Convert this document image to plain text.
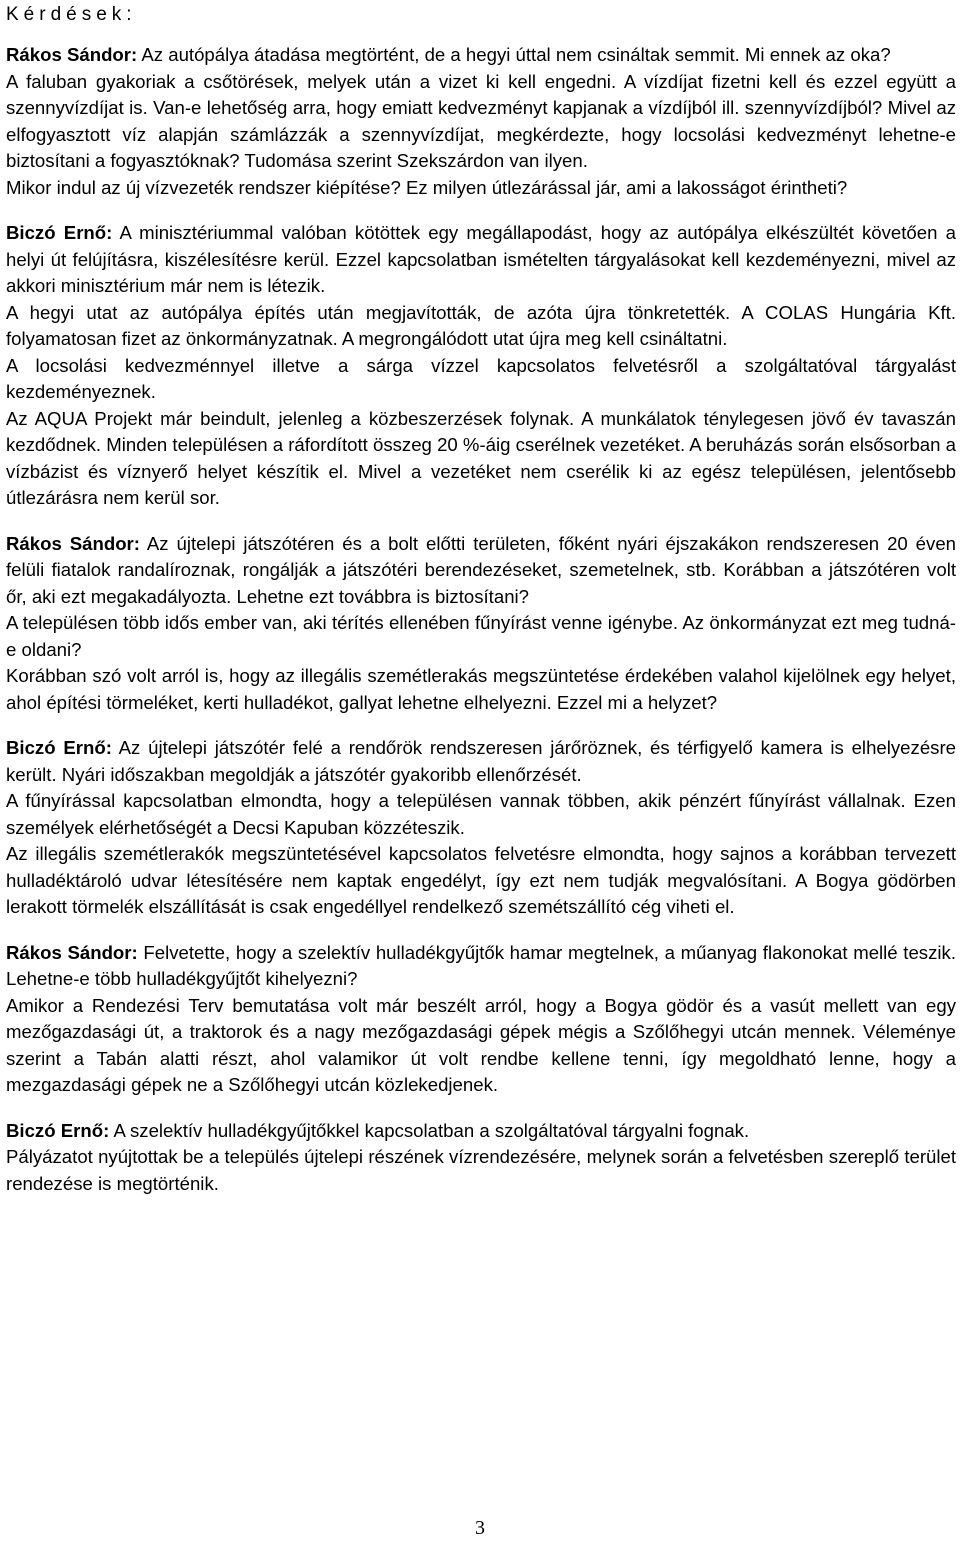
Kérdések:

Rákos Sándor: Az autópálya átadása megtörtént, de a hegyi úttal nem csináltak semmit. Mi ennek az oka?

A faluban gyakoriak a csőtörések, melyek után a vizet ki kell engedni. A vízdíjat fizetni kell és ezzel együtt a szennyvízdíjat is. Van-e lehetőség arra, hogy emiatt kedvezményt kapjanak a vízdíjból ill. szennyvízdíjból? Mivel az elfogyasztott víz alapján számlázzák a szennyvízdíjat, megkérdezte, hogy locsolási kedvezményt lehetne-e biztosítani a fogyasztóknak? Tudomása szerint Szekszárdon van ilyen.

Mikor indul az új vízvezeték rendszer kiépítése? Ez milyen útlezárással jár, ami a lakosságot érintheti?

Biczó Ernő: A minisztériummal valóban kötöttek egy megállapodást, hogy az autópálya elkészültét követően a helyi út felújításra, kiszélesítésre kerül. Ezzel kapcsolatban ismételten tárgyalásokat kell kezdeményezni, mivel az akkori minisztérium már nem is létezik.

A hegyi utat az autópálya építés után megjavították, de azóta újra tönkretették. A COLAS Hungária Kft. folyamatosan fizet az önkormányzatnak. A megrongálódott utat újra meg kell csináltatni.

A locsolási kedvezménnyel illetve a sárga vízzel kapcsolatos felvetésről a szolgáltatóval tárgyalást kezdeményeznek.

Az AQUA Projekt már beindult, jelenleg a közbeszerzések folynak. A munkálatok ténylegesen jövő év tavaszán kezdődnek. Minden településen a ráfordított összeg 20 %-áig cserélnek vezetéket. A beruházás során elsősorban a vízbázist és víznyerő helyet készítik el. Mivel a vezetéket nem cserélik ki az egész településen, jelentősebb útlezárásra nem kerül sor.

Rákos Sándor: Az újtelepi játszótéren és a bolt előtti területen, főként nyári éjszakákon rendszeresen 20 éven felüli fiatalok randalíroznak, rongálják a játszótéri berendezéseket, szemetelnek, stb. Korábban a játszótéren volt őr, aki ezt megakadályozta. Lehetne ezt továbbra is biztosítani?

A településen több idős ember van, aki térítés ellenében fűnyírást venne igénybe. Az önkormányzat ezt meg tudná-e oldani?

Korábban szó volt arról is, hogy az illegális szemétlerakás megszüntetése érdekében valahol kijelölnek egy helyet, ahol építési törmeléket, kerti hulladékot, gallyat lehetne elhelyezni. Ezzel mi a helyzet?

Biczó Ernő: Az újtelepi játszótér felé a rendőrök rendszeresen járőröznek, és térfigyelő kamera is elhelyezésre került. Nyári időszakban megoldják a játszótér gyakoribb ellenőrzését.

A fűnyírással kapcsolatban elmondta, hogy a településen vannak többen, akik pénzért fűnyírást vállalnak. Ezen személyek elérhetőségét a Decsi Kapuban közzéteszik.

Az illegális szemétlerakók megszüntetésével kapcsolatos felvetésre elmondta, hogy sajnos a korábban tervezett hulladéktároló udvar létesítésére nem kaptak engedélyt, így ezt nem tudják megvalósítani. A Bogya gödörben lerakott törmelék elszállítását is csak engedéllyel rendelkező szemétszállító cég viheti el.

Rákos Sándor: Felvetette, hogy a szelektív hulladékgyűjtők hamar megtelnek, a műanyag flakonokat mellé teszik. Lehetne-e több hulladékgyűjtőt kihelyezni?

Amikor a Rendezési Terv bemutatása volt már beszélt arról, hogy a Bogya gödör és a vasút mellett van egy mezőgazdasági út, a traktorok és a nagy mezőgazdasági gépek mégis a Szőlőhegyi utcán mennek. Véleménye szerint a Tabán alatti részt, ahol valamikor út volt rendbe kellene tenni, így megoldható lenne, hogy a mezgazdasági gépek ne a Szőlőhegyi utcán közlekedjenek.

Biczó Ernő: A szelektív hulladékgyűjtőkkel kapcsolatban a szolgáltatóval tárgyalni fognak.

Pályázatot nyújtottak be a település újtelepi részének vízrendezésére, melynek során a felvetésben szereplő terület rendezése is megtörténik.

3
